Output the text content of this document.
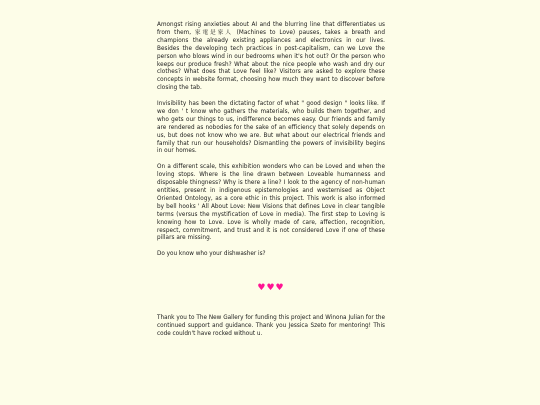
Amongst rising anxieties about AI and the blurring line that differentiates us from them, 家電是家人 (Machines to Love) pauses, takes a breath and champions the already existing appliances and electronics in our lives. Besides the developing tech practices in post-capitalism, can we Love the person who blows wind in our bedrooms when it's hot out? Or the person who keeps our produce fresh? What about the nice people who wash and dry our clothes? What does that Love feel like? Visitors are asked to explore these concepts in website format, choosing how much they want to discover before closing the tab.

Invisibility has been the dictating factor of what " good design " looks like. If we don ' t know who gathers the materials, who builds them together, and who gets our things to us, indifference becomes easy. Our friends and family are rendered as nobodies for the sake of an efficiency that solely depends on us, but does not know who we are. But what about our electrical friends and family that run our households? Dismantling the powers of invisibility begins in our homes.

On a different scale, this exhibition wonders who can be Loved and when the loving stops. Where is the line drawn between Loveable humanness and disposable thingness? Why is there a line? I look to the agency of non-human entities, present in indigenous epistemologies and westernised as Object Oriented Ontology, as a core ethic in this project. This work is also informed by bell hooks ' All About Love: New Visions that defines Love in clear tangible terms (versus the mystification of Love in media). The first step to Loving is knowing how to Love. Love is wholly made of care, affection, recognition, respect, commitment, and trust and it is not considered Love if one of these pillars are missing.

Do you know who your dishwasher is?

♥♥♥

Thank you to The New Gallery for funding this project and Winona Julian for the continued support and guidance. Thank you Jessica Szeto for mentoring! This code couldn't have rocked without u.
